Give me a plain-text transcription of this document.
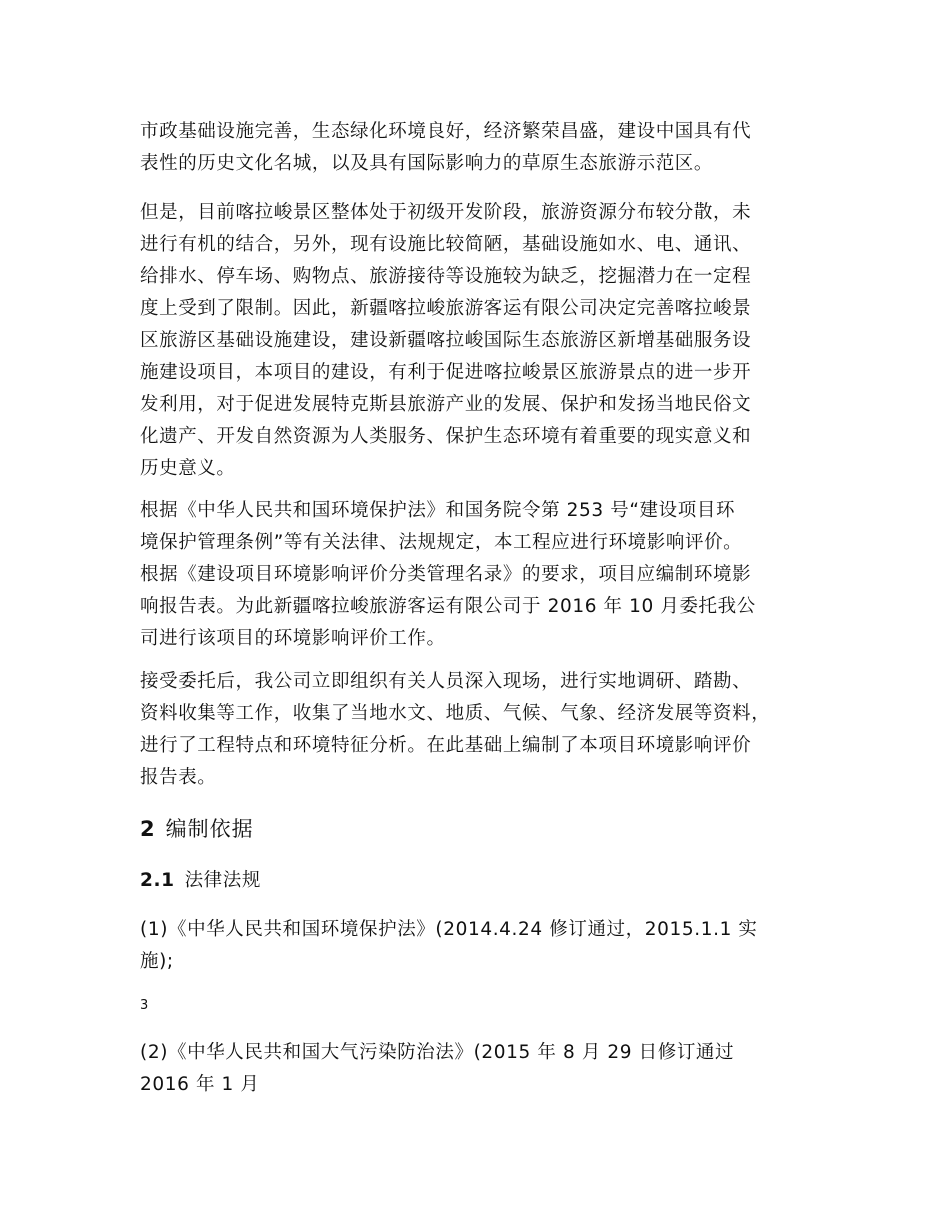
市政基础设施完善，生态绿化环境良好，经济繁荣昌盛，建设中国具有代
表性的历史文化名城，以及具有国际影响力的草原生态旅游示范区。
但是，目前喀拉峻景区整体处于初级开发阶段，旅游资源分布较分散，未
进行有机的结合，另外，现有设施比较简陋，基础设施如水、电、通讯、
给排水、停车场、购物点、旅游接待等设施较为缺乏，挖掘潜力在一定程
度上受到了限制。因此，新疆喀拉峻旅游客运有限公司决定完善喀拉峻景
区旅游区基础设施建设，建设新疆喀拉峻国际生态旅游区新增基础服务设
施建设项目，本项目的建设，有利于促进喀拉峻景区旅游景点的进一步开
发利用，对于促进发展特克斯县旅游产业的发展、保护和发扬当地民俗文
化遗产、开发自然资源为人类服务、保护生态环境有着重要的现实意义和
历史意义。
根据《中华人民共和国环境保护法》和国务院令第 253 号“建设项目环
境保护管理条例”等有关法律、法规规定，本工程应进行环境影响评价。
根据《建设项目环境影响评价分类管理名录》的要求，项目应编制环境影
响报告表。为此新疆喀拉峻旅游客运有限公司于 2016 年 10 月委托我公
司进行该项目的环境影响评价工作。
接受委托后，我公司立即组织有关人员深入现场，进行实地调研、踏勘、
资料收集等工作，收集了当地水文、地质、气候、气象、经济发展等资料，
进行了工程特点和环境特征分析。在此基础上编制了本项目环境影响评价
报告表。
2 编制依据
2.1 法律法规
(1)《中华人民共和国环境保护法》(2014.4.24 修订通过，2015.1.1 实
施);
3
(2)《中华人民共和国大气污染防治法》(2015 年 8 月 29 日修订通过
2016 年 1 月
